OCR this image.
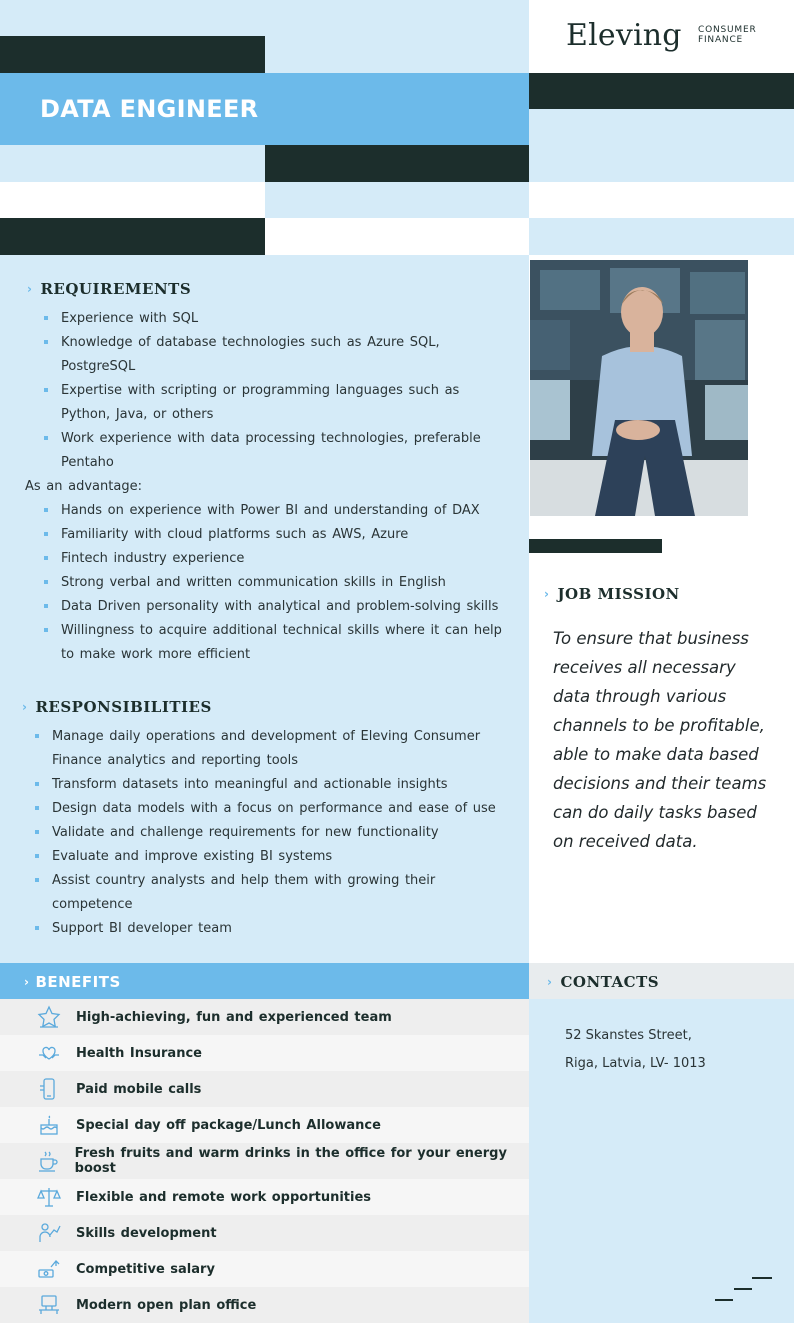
DATA ENGINEER
Eleving CONSUMER
FINANCE
› REQUIREMENTS
Experience with SQL
Knowledge of database technologies such as Azure SQL, PostgreSQL
Expertise with scripting or programming languages such as Python, Java, or others
Work experience with data processing technologies, preferable Pentaho
As an advantage:
Hands on experience with Power BI and understanding of DAX
Familiarity with cloud platforms such as AWS, Azure
Fintech industry experience
Strong verbal and written communication skills in English
Data Driven personality with analytical and problem-solving skills
Willingness to acquire additional technical skills where it can help to make work more efficient
› RESPONSIBILITIES
Manage daily operations and development of Eleving Consumer Finance analytics and reporting tools
Transform datasets into meaningful and actionable insights
Design data models with a focus on performance and ease of use
Validate and challenge requirements for new functionality
Evaluate and improve existing BI systems
Assist country analysts and help them with growing their competence
Support BI developer team
› JOB MISSION
To ensure that business receives all necessary data through various channels to be profitable, able to make data based decisions and their teams can do daily tasks based on received data.
› BENEFITS
High-achieving, fun and experienced team
Health Insurance
Paid mobile calls
Special day off package/Lunch Allowance
Fresh fruits and warm drinks in the office for your energy boost
Flexible and remote work opportunities
Skills development
Competitive salary
Modern open plan office
› CONTACTS
52 Skanstes Street,
Riga, Latvia, LV- 1013
